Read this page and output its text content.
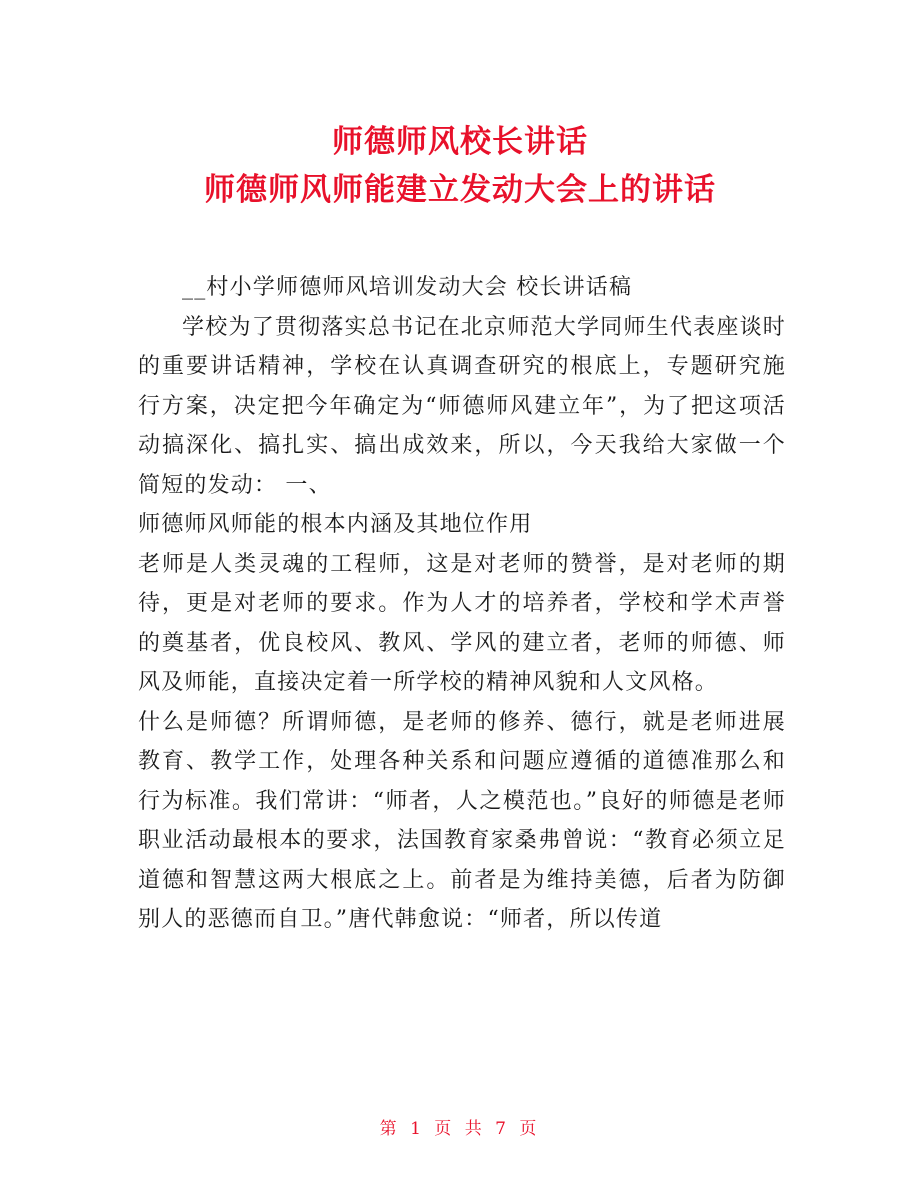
师德师风校长讲话
师德师风师能建立发动大会上的讲话

__村小学师德师风培训发动大会 校长讲话稿

学校为了贯彻落实总书记在北京师范大学同师生代表座谈时的重要讲话精神，学校在认真调查研究的根底上，专题研究施行方案，决定把今年确定为“师德师风建立年”，为了把这项活动搞深化、搞扎实、搞出成效来，所以，今天我给大家做一个简短的发动： 一、

师德师风师能的根本内涵及其地位作用

老师是人类灵魂的工程师，这是对老师的赞誉，是对老师的期待，更是对老师的要求。作为人才的培养者，学校和学术声誉的奠基者，优良校风、教风、学风的建立者，老师的师德、师风及师能，直接决定着一所学校的精神风貌和人文风格。

什么是师德？所谓师德，是老师的修养、德行，就是老师进展教育、教学工作，处理各种关系和问题应遵循的道德准那么和行为标准。我们常讲：“师者，人之模范也。”良好的师德是老师职业活动最根本的要求，法国教育家桑弗曾说：“教育必须立足道德和智慧这两大根底之上。前者是为维持美德，后者为防御别人的恶德而自卫。”唐代韩愈说：“师者，所以传道

第 1 页 共 7 页
